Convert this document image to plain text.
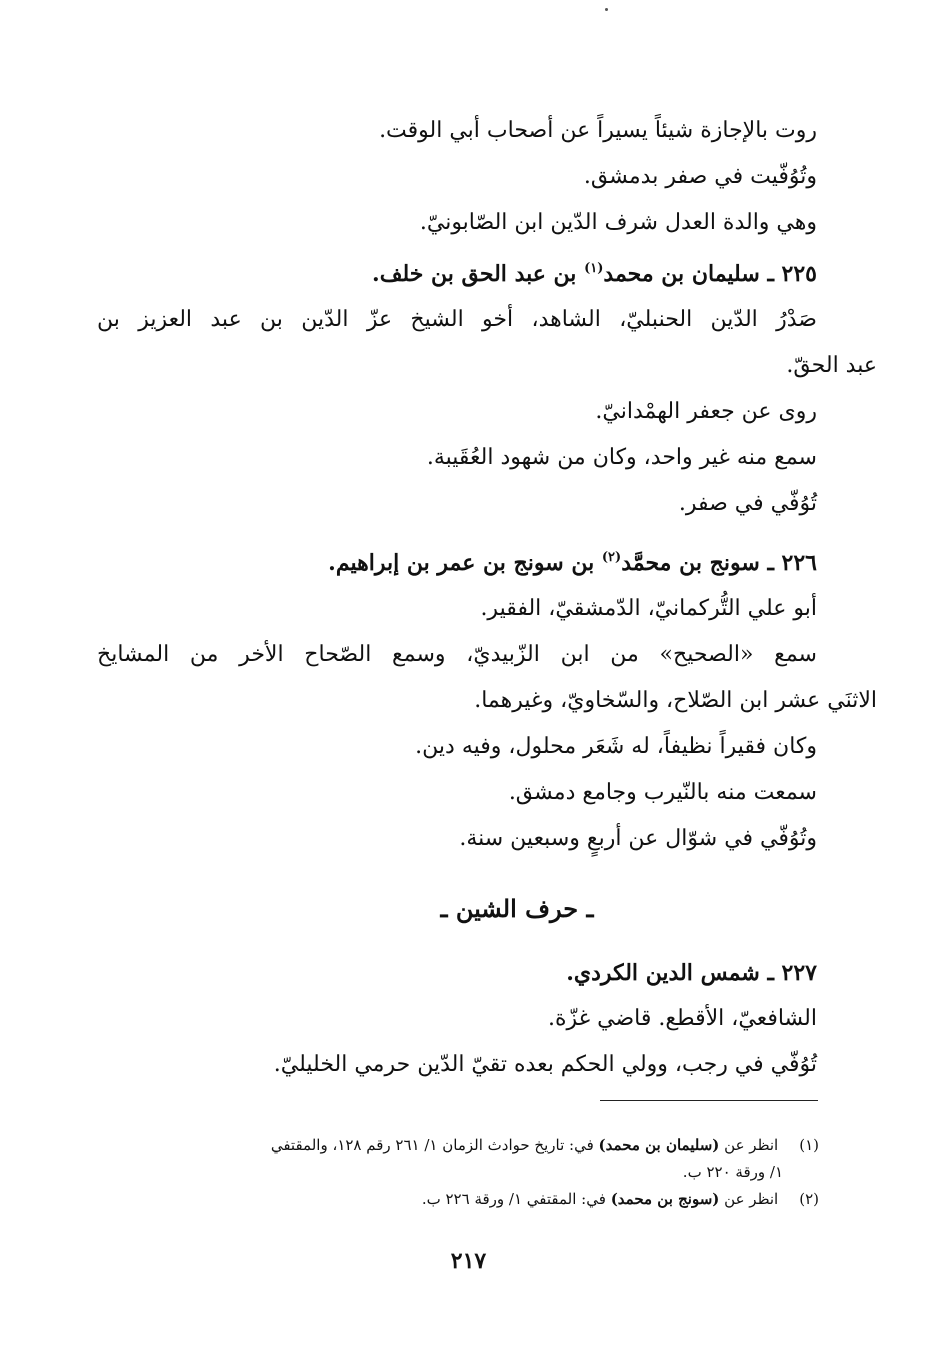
روت بالإجازة شيئاً يسيراً عن أصحاب أبي الوقت.
وتُوُفّيت في صفر بدمشق.
وهي والدة العدل شرف الدّين ابن الصّابونيّ.
٢٢٥ ـ سليمان بن محمد$^{(١)}$ بن عبد الحق بن خلف.
صَدْرُ الدّين الحنبليّ، الشاهد، أخو الشيخ عزّ الدّين بن عبد العزيز بن
عبد الحقّ.
روى عن جعفر الهمْدانيّ.
سمع منه غير واحد، وكان من شهود العُقَيبة.
تُوُفّي في صفر.
٢٢٦ ـ سونج بن محمَّد$^{(٢)}$ بن سونج بن عمر بن إبراهيم.
أبو علي التُّركمانيّ، الدّمشقيّ، الفقير.
سمع «الصحيح» من ابن الزّبيديّ، وسمع الصّحاح الأخر من المشايخ
الاثنَي عشر ابن الصّلاح، والسّخاويّ، وغيرهما.
وكان فقيراً نظيفاً، له شَعَر محلول، وفيه دين.
سمعت منه بالنّيرب وجامع دمشق.
وتُوُفّي في شوّال عن أربعٍ وسبعين سنة.
ـ حرف الشين ـ
٢٢٧ ـ شمس الدين الكردي.
الشافعيّ، الأقطع. قاضي غزّة.
تُوُفّي في رجب، وولي الحكم بعده تقيّ الدّين حرمي الخليليّ.
(١) انظر عن (سليمان بن محمد) في: تاريخ حوادث الزمان ١/ ٢٦١ رقم ١٢٨، والمقتفي
١/ ورقة ٢٢٠ ب.
(٢) انظر عن (سونج بن محمد) في: المقتفي ١/ ورقة ٢٢٦ ب.
٢١٧
